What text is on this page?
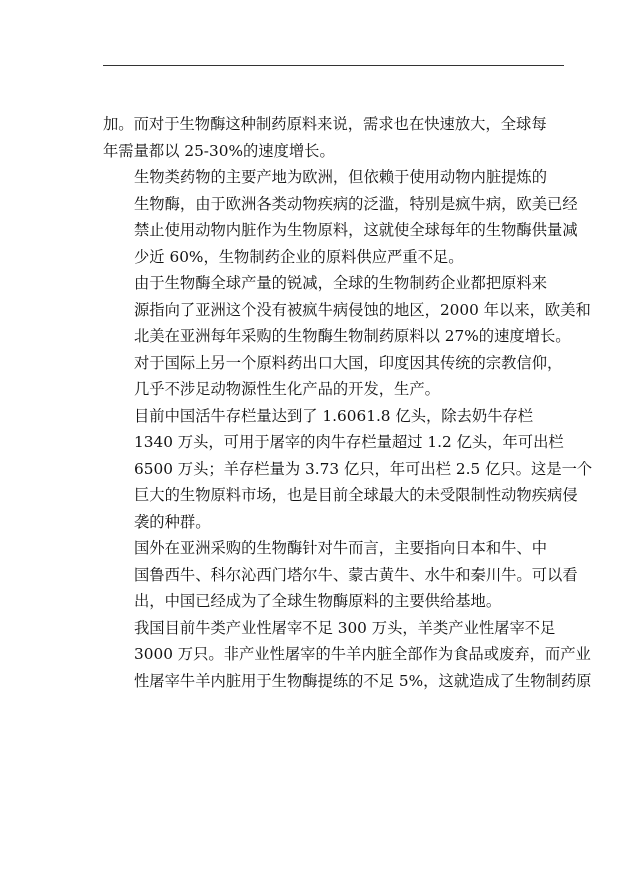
加。而对于生物酶这种制药原料来说，需求也在快速放大，全球每
年需量都以 25-30%的速度增长。

生物类药物的主要产地为欧洲，但依赖于使用动物内脏提炼的
生物酶，由于欧洲各类动物疾病的泛滥，特别是疯牛病，欧美已经
禁止使用动物内脏作为生物原料，这就使全球每年的生物酶供量减
少近 60%，生物制药企业的原料供应严重不足。

由于生物酶全球产量的锐减，全球的生物制药企业都把原料来
源指向了亚洲这个没有被疯牛病侵蚀的地区，2000 年以来，欧美和
北美在亚洲每年采购的生物酶生物制药原料以 27%的速度增长。

对于国际上另一个原料药出口大国，印度因其传统的宗教信仰，
几乎不涉足动物源性生化产品的开发，生产。

目前中国活牛存栏量达到了 1.6061.8 亿头，除去奶牛存栏
1340 万头，可用于屠宰的肉牛存栏量超过 1.2 亿头，年可出栏
6500 万头；羊存栏量为 3.73 亿只，年可出栏 2.5 亿只。这是一个
巨大的生物原料市场，也是目前全球最大的未受限制性动物疾病侵
袭的种群。

国外在亚洲采购的生物酶针对牛而言，主要指向日本和牛、中
国鲁西牛、科尔沁西门塔尔牛、蒙古黄牛、水牛和秦川牛。可以看
出，中国已经成为了全球生物酶原料的主要供给基地。

我国目前牛类产业性屠宰不足 300 万头，羊类产业性屠宰不足
3000 万只。非产业性屠宰的牛羊内脏全部作为食品或废弃，而产业
性屠宰牛羊内脏用于生物酶提练的不足 5%，这就造成了生物制药原
